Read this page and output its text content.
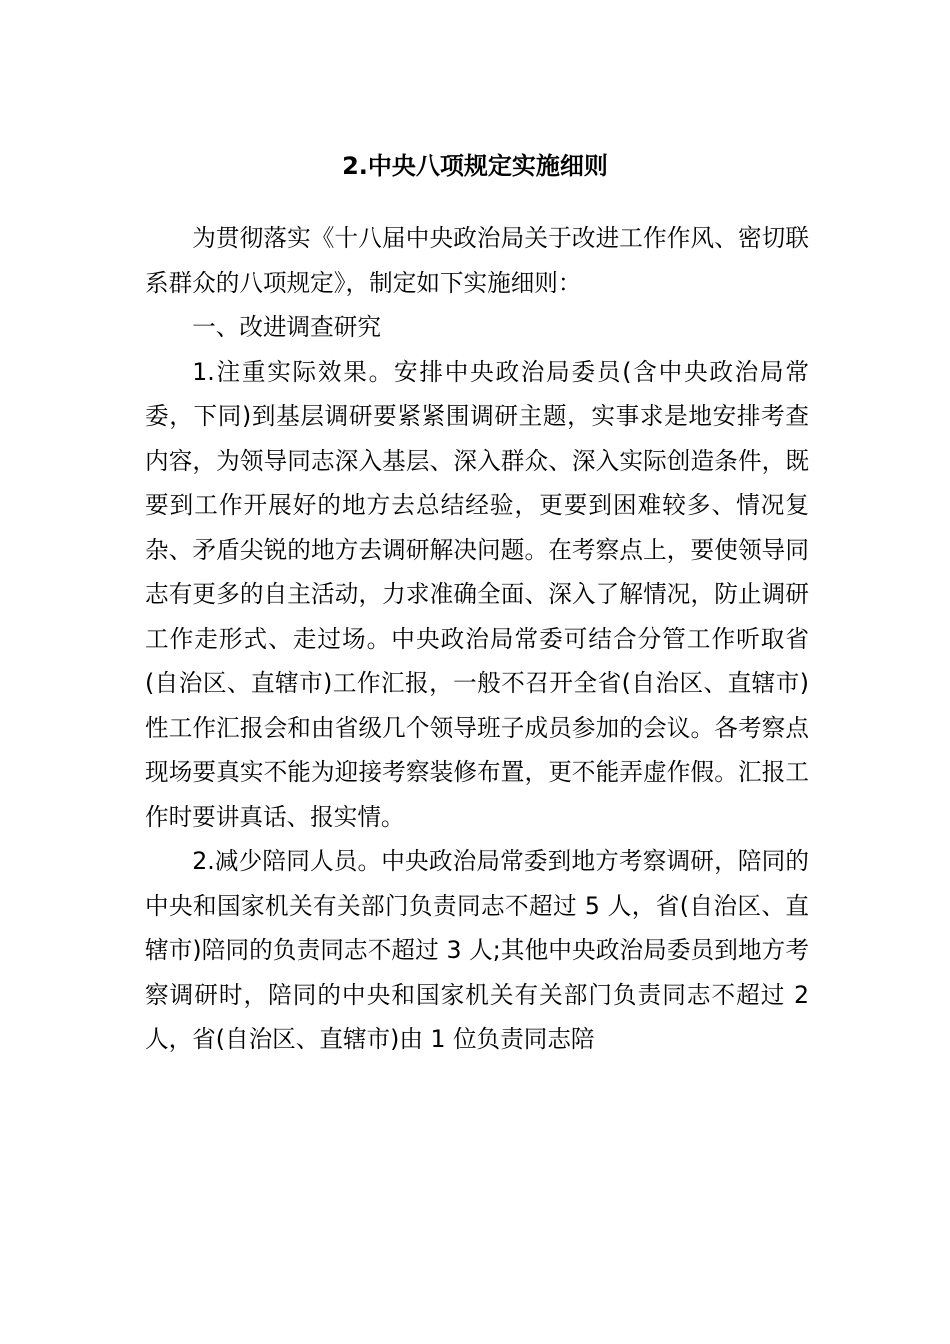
2.中央八项规定实施细则

为贯彻落实《十八届中央政治局关于改进工作作风、密切联系群众的八项规定》，制定如下实施细则：

一、改进调查研究

1.注重实际效果。安排中央政治局委员(含中央政治局常委，下同)到基层调研要紧紧围调研主题，实事求是地安排考查内容，为领导同志深入基层、深入群众、深入实际创造条件，既要到工作开展好的地方去总结经验，更要到困难较多、情况复杂、矛盾尖锐的地方去调研解决问题。在考察点上，要使领导同志有更多的自主活动，力求准确全面、深入了解情况，防止调研工作走形式、走过场。中央政治局常委可结合分管工作听取省(自治区、直辖市)工作汇报，一般不召开全省(自治区、直辖市)性工作汇报会和由省级几个领导班子成员参加的会议。各考察点现场要真实不能为迎接考察装修布置，更不能弄虚作假。汇报工作时要讲真话、报实情。

2.减少陪同人员。中央政治局常委到地方考察调研，陪同的中央和国家机关有关部门负责同志不超过 5 人，省(自治区、直辖市)陪同的负责同志不超过 3 人;其他中央政治局委员到地方考察调研时，陪同的中央和国家机关有关部门负责同志不超过 2 人，省(自治区、直辖市)由 1 位负责同志陪
